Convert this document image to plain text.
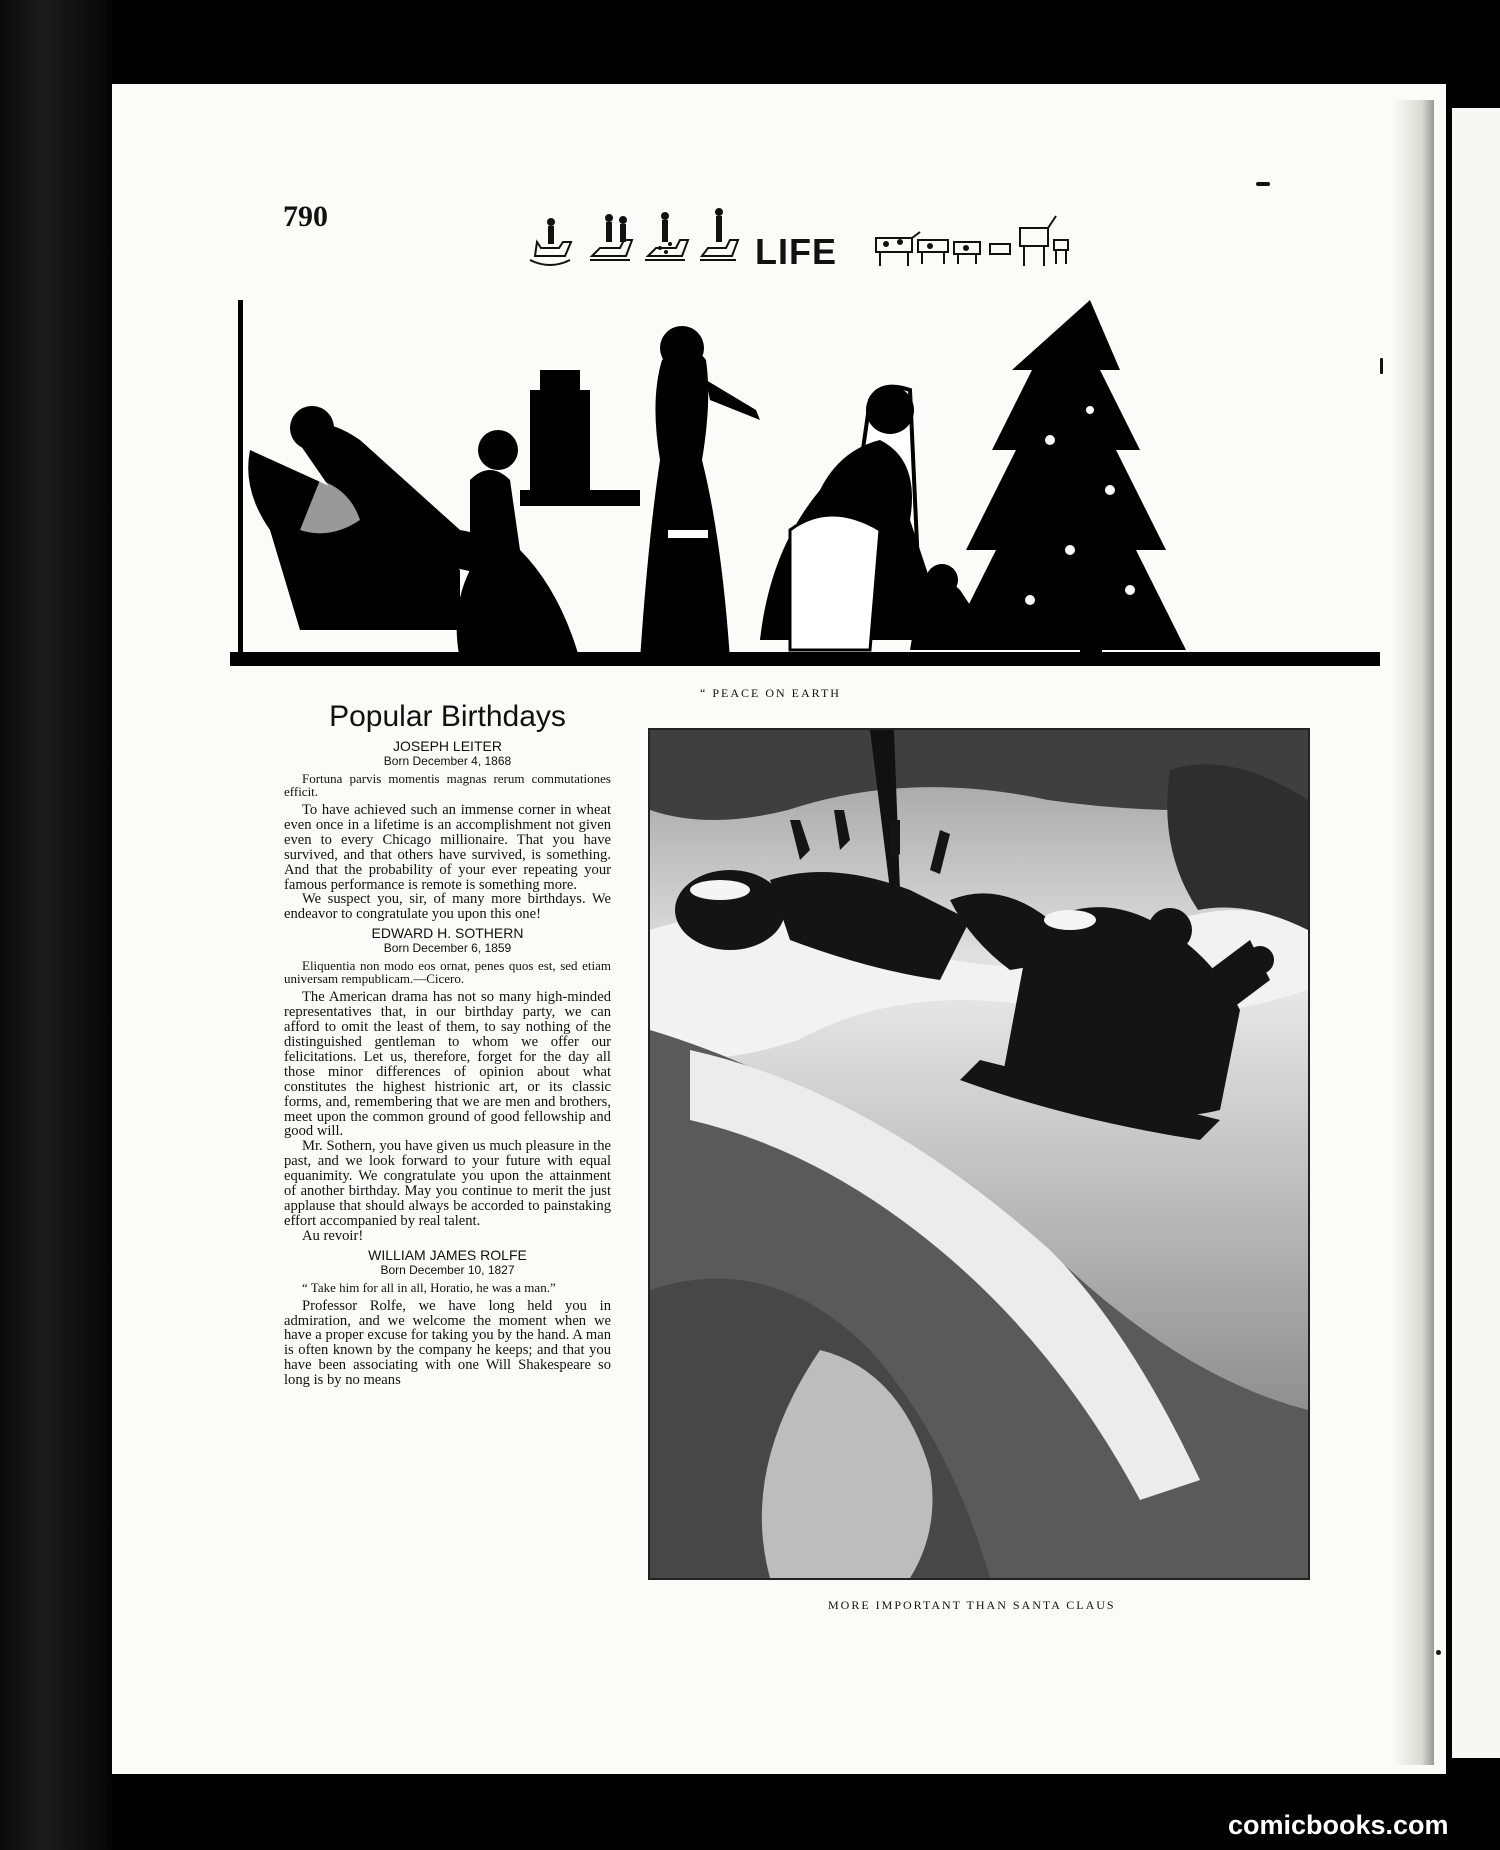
790
LIFE
“ PEACE ON EARTH
Popular Birthdays
JOSEPH LEITER
Born December 4, 1868

Fortuna parvis momentis magnas rerum commutationes efficit.

To have achieved such an immense corner in wheat even once in a lifetime is an accomplishment not given even to every Chicago millionaire. That you have survived, and that others have survived, is something. And that the probability of your ever repeating your famous performance is remote is something more.

We suspect you, sir, of many more birthdays. We endeavor to congratulate you upon this one!

EDWARD H. SOTHERN
Born December 6, 1859

Eliquentia non modo eos ornat, penes quos est, sed etiam universam rempublicam.—Cicero.

The American drama has not so many high-minded representatives that, in our birthday party, we can afford to omit the least of them, to say nothing of the distinguished gentleman to whom we offer our felicitations. Let us, therefore, forget for the day all those minor differences of opinion about what constitutes the highest histrionic art, or its classic forms, and, remembering that we are men and brothers, meet upon the common ground of good fellowship and good will.

Mr. Sothern, you have given us much pleasure in the past, and we look forward to your future with equal equanimity. We congratulate you upon the attainment of another birthday. May you continue to merit the just applause that should always be accorded to painstaking effort accompanied by real talent.

Au revoir!

WILLIAM JAMES ROLFE
Born December 10, 1827

“ Take him for all in all, Horatio, he was a man.”

Professor Rolfe, we have long held you in admiration, and we welcome the moment when we have a proper excuse for taking you by the hand. A man is often known by the company he keeps; and that you have been associating with one Will Shakespeare so long is by no means

MORE IMPORTANT THAN SANTA CLAUS
comicbooks.com
